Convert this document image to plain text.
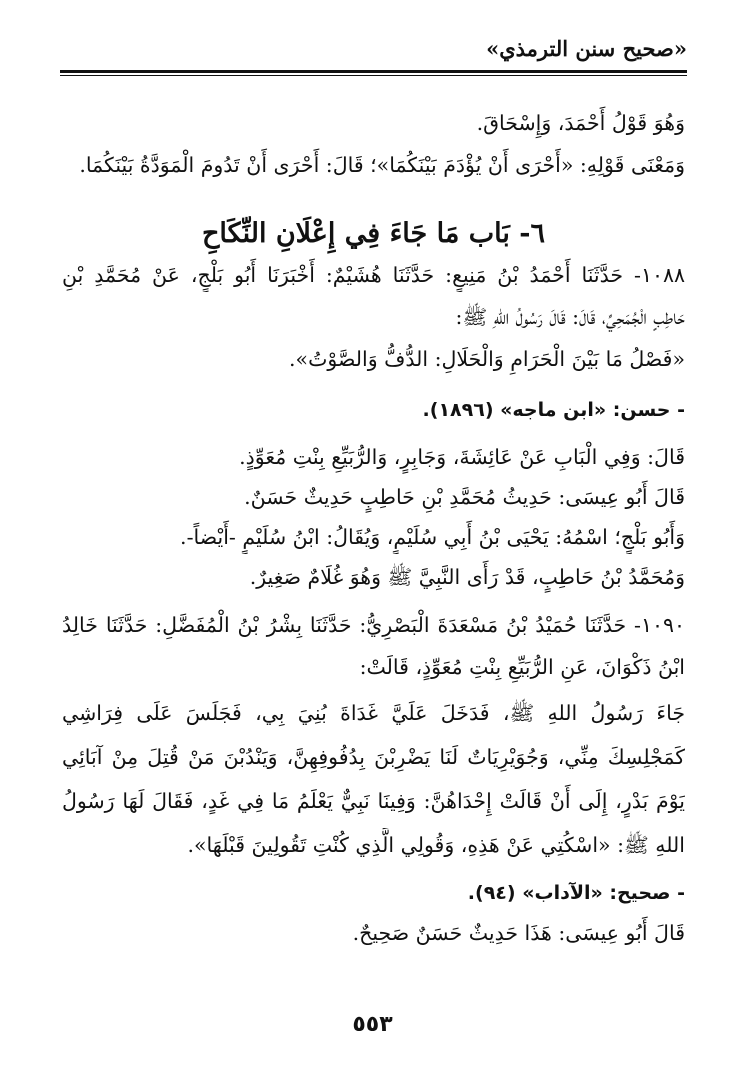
«صحيح سنن الترمذي»
وَهُوَ قَوْلُ أَحْمَدَ، وَإِسْحَاقَ.
وَمَعْنَى قَوْلِهِ: «أَحْرَى أَنْ يُؤْدَمَ بَيْنَكُمَا»؛ قَالَ: أَحْرَى أَنْ تَدُومَ الْمَوَدَّةُ بَيْنَكُمَا.
٦- بَاب مَا جَاءَ فِي إِعْلَانِ النِّكَاحِ
١٠٨٨- حَدَّثَنَا أَحْمَدُ بْنُ مَنِيعٍ: حَدَّثَنَا هُشَيْمٌ: أَخْبَرَنَا أَبُو بَلْجٍ، عَنْ مُحَمَّدِ بْنِ
حَاطِبٍ الْجُمَحِيِّ، قَالَ: قَالَ رَسُولُ اللهِ ﷺ:
«فَصْلُ مَا بَيْنَ الْحَرَامِ وَالْحَلَالِ: الدُّفُّ وَالصَّوْتُ».
- حسن: «ابن ماجه» (١٨٩٦).
قَالَ: وَفِي الْبَابِ عَنْ عَائِشَةَ، وَجَابِرٍ، وَالرُّبَيِّعِ بِنْتِ مُعَوِّذٍ.
قَالَ أَبُو عِيسَى: حَدِيثُ مُحَمَّدِ بْنِ حَاطِبٍ حَدِيثٌ حَسَنٌ.
وَأَبُو بَلْجٍ؛ اسْمُهُ: يَحْيَى بْنُ أَبِي سُلَيْمٍ، وَيُقَالُ: ابْنُ سُلَيْمٍ -أَيْضاً-.
وَمُحَمَّدُ بْنُ حَاطِبٍ، قَدْ رَأَى النَّبِيَّ ﷺ وَهُوَ غُلَامٌ صَغِيرٌ.
١٠٩٠- حَدَّثَنَا حُمَيْدُ بْنُ مَسْعَدَةَ الْبَصْرِيُّ: حَدَّثَنَا بِشْرُ بْنُ الْمُفَضَّلِ: حَدَّثَنَا خَالِدُ
ابْنُ ذَكْوَانَ، عَنِ الرُّبَيِّعِ بِنْتِ مُعَوِّذٍ، قَالَتْ:
جَاءَ رَسُولُ اللهِ ﷺ، فَدَخَلَ عَلَيَّ غَدَاةَ بُنِيَ بِي، فَجَلَسَ عَلَى فِرَاشِي
كَمَجْلِسِكَ مِنِّي، وَجُوَيْرِيَاتٌ لَنَا يَضْرِبْنَ بِدُفُوفِهِنَّ، وَيَنْدُبْنَ مَنْ قُتِلَ مِنْ آبَائِي
يَوْمَ بَدْرٍ، إِلَى أَنْ قَالَتْ إِحْدَاهُنَّ: وَفِينَا نَبِيٌّ يَعْلَمُ مَا فِي غَدٍ، فَقَالَ لَهَا رَسُولُ
اللهِ ﷺ: «اسْكُتِي عَنْ هَذِهِ، وَقُولِي الَّذِي كُنْتِ تَقُولِينَ قَبْلَهَا».
- صحيح: «الآداب» (٩٤).
قَالَ أَبُو عِيسَى: هَذَا حَدِيثٌ حَسَنٌ صَحِيحٌ.
٥٥٣
